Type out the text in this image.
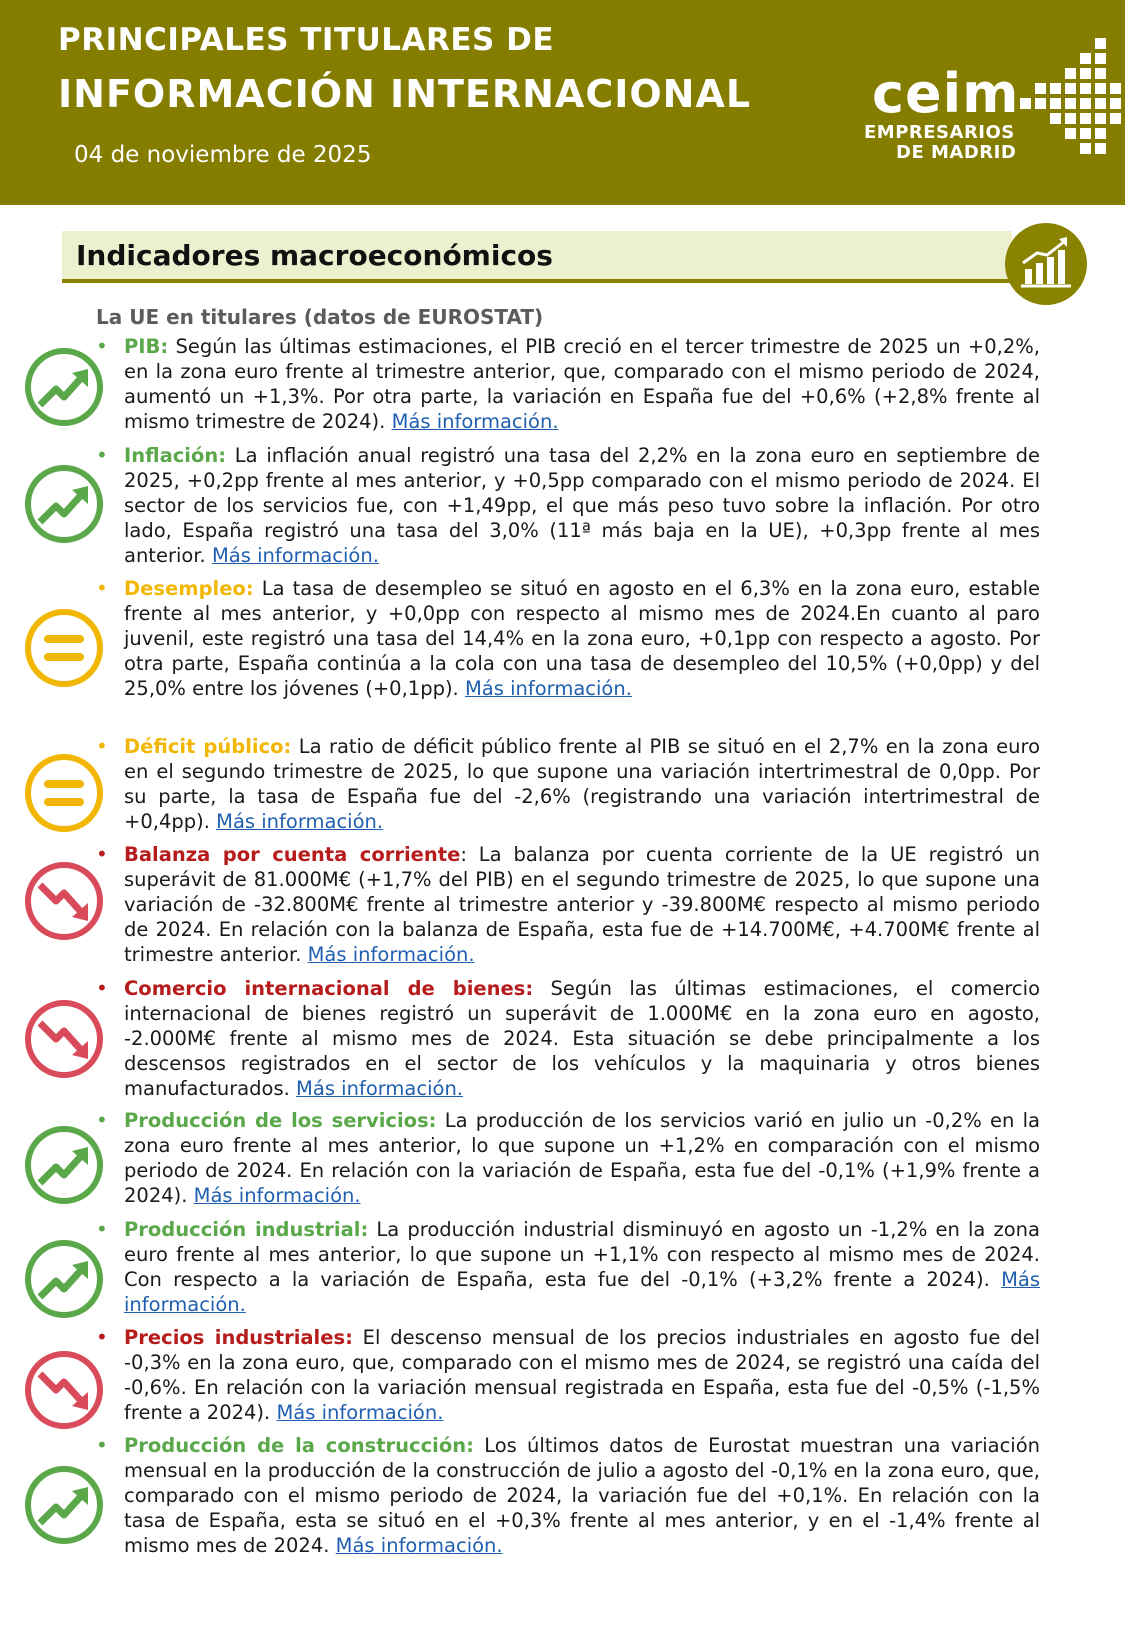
PRINCIPALES TITULARES DE
INFORMACIÓN INTERNACIONAL
04 de noviembre de 2025
ceim
EMPRESARIOS
DE MADRID
Indicadores macroeconómicos
La UE en titulares (datos de EUROSTAT)
• PIB: Según las últimas estimaciones, el PIB creció en el tercer trimestre de 2025 un +0,2%, en la zona euro frente al trimestre anterior, que, comparado con el mismo periodo de 2024, aumentó un +1,3%. Por otra parte, la variación en España fue del +0,6% (+2,8% frente al mismo trimestre de 2024). Más información.
• Inflación: La inflación anual registró una tasa del 2,2% en la zona euro en septiembre de 2025, +0,2pp frente al mes anterior, y +0,5pp comparado con el mismo periodo de 2024. El sector de los servicios fue, con +1,49pp, el que más peso tuvo sobre la inflación. Por otro lado, España registró una tasa del 3,0% (11ª más baja en la UE), +0,3pp frente al mes anterior. Más información.
• Desempleo: La tasa de desempleo se situó en agosto en el 6,3% en la zona euro, estable frente al mes anterior, y +0,0pp con respecto al mismo mes de 2024.En cuanto al paro juvenil, este registró una tasa del 14,4% en la zona euro, +0,1pp con respecto a agosto. Por otra parte, España continúa a la cola con una tasa de desempleo del 10,5% (+0,0pp) y del 25,0% entre los jóvenes (+0,1pp). Más información.
• Déficit público: La ratio de déficit público frente al PIB se situó en el 2,7% en la zona euro en el segundo trimestre de 2025, lo que supone una variación intertrimestral de 0,0pp. Por su parte, la tasa de España fue del -2,6% (registrando una variación intertrimestral de +0,4pp). Más información.
• Balanza por cuenta corriente: La balanza por cuenta corriente de la UE registró un superávit de 81.000M€ (+1,7% del PIB) en el segundo trimestre de 2025, lo que supone una variación de -32.800M€ frente al trimestre anterior y -39.800M€ respecto al mismo periodo de 2024. En relación con la balanza de España, esta fue de +14.700M€, +4.700M€ frente al trimestre anterior. Más información.
• Comercio internacional de bienes: Según las últimas estimaciones, el comercio internacional de bienes registró un superávit de 1.000M€ en la zona euro en agosto, -2.000M€ frente al mismo mes de 2024. Esta situación se debe principalmente a los descensos registrados en el sector de los vehículos y la maquinaria y otros bienes manufacturados. Más información.
• Producción de los servicios: La producción de los servicios varió en julio un -0,2% en la zona euro frente al mes anterior, lo que supone un +1,2% en comparación con el mismo periodo de 2024. En relación con la variación de España, esta fue del -0,1% (+1,9% frente a 2024). Más información.
• Producción industrial: La producción industrial disminuyó en agosto un -1,2% en la zona euro frente al mes anterior, lo que supone un +1,1% con respecto al mismo mes de 2024. Con respecto a la variación de España, esta fue del -0,1% (+3,2% frente a 2024). Más información.
• Precios industriales: El descenso mensual de los precios industriales en agosto fue del -0,3% en la zona euro, que, comparado con el mismo mes de 2024, se registró una caída del -0,6%. En relación con la variación mensual registrada en España, esta fue del -0,5% (-1,5% frente a 2024). Más información.
• Producción de la construcción: Los últimos datos de Eurostat muestran una variación mensual en la producción de la construcción de julio a agosto del -0,1% en la zona euro, que, comparado con el mismo periodo de 2024, la variación fue del +0,1%. En relación con la tasa de España, esta se situó en el +0,3% frente al mes anterior, y en el -1,4% frente al mismo mes de 2024. Más información.
